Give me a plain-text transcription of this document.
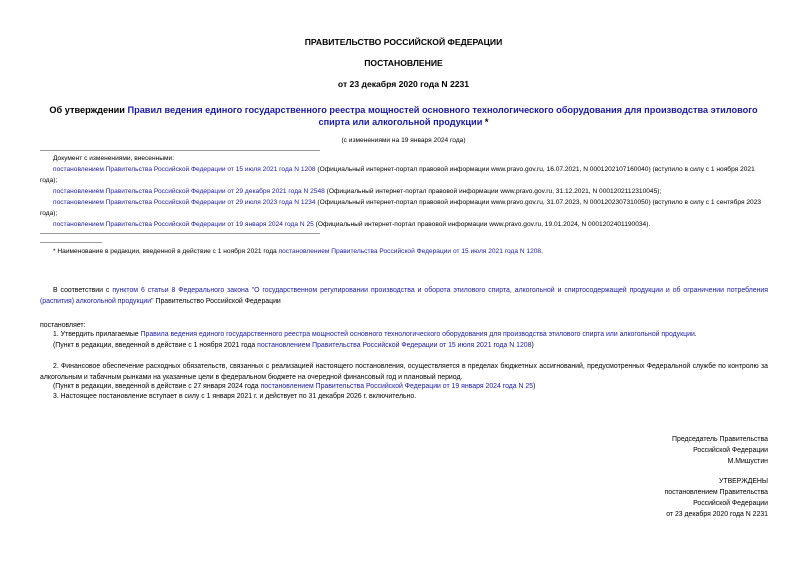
ПРАВИТЕЛЬСТВО РОССИЙСКОЙ ФЕДЕРАЦИИ
ПОСТАНОВЛЕНИЕ
от 23 декабря 2020 года N 2231
Об утверждении Правил ведения единого государственного реестра мощностей основного технологического оборудования для производства этилового спирта или алкогольной продукции *
(с изменениями на 19 января 2024 года)
Документ с изменениями, внесенными:
постановлением Правительства Российской Федерации от 15 июля 2021 года N 1208 (Официальный интернет-портал правовой информации www.pravo.gov.ru, 16.07.2021, N 0001202107160040) (вступило в силу с 1 ноября 2021 года);
постановлением Правительства Российской Федерации от 29 декабря 2021 года N 2548 (Официальный интернет-портал правовой информации www.pravo.gov.ru, 31.12.2021, N 0001202112310045);
постановлением Правительства Российской Федерации от 29 июля 2023 года N 1234 (Официальный интернет-портал правовой информации www.pravo.gov.ru, 31.07.2023, N 0001202307310050) (вступило в силу с 1 сентября 2023 года);
постановлением Правительства Российской Федерации от 19 января 2024 года N 25 (Официальный интернет-портал правовой информации www.pravo.gov.ru, 19.01.2024, N 0001202401190034).
* Наименование в редакции, введенной в действие с 1 ноября 2021 года постановлением Правительства Российской Федерации от 15 июля 2021 года N 1208.
В соответствии с пунктом 6 статьи 8 Федерального закона "О государственном регулировании производства и оборота этилового спирта, алкогольной и спиртосодержащей продукции и об ограничении потребления (распития) алкогольной продукции" Правительство Российской Федерации
постановляет:
1. Утвердить прилагаемые Правила ведения единого государственного реестра мощностей основного технологического оборудования для производства этилового спирта или алкогольной продукции.
(Пункт в редакции, введенной в действие с 1 ноября 2021 года постановлением Правительства Российской Федерации от 15 июля 2021 года N 1208)
2. Финансовое обеспечение расходных обязательств, связанных с реализацией настоящего постановления, осуществляется в пределах бюджетных ассигнований, предусмотренных Федеральной службе по контролю за алкогольным и табачным рынками на указанные цели в федеральном бюджете на очередной финансовый год и плановый период.
(Пункт в редакции, введенной в действие с 27 января 2024 года постановлением Правительства Российской Федерации от 19 января 2024 года N 25)
3. Настоящее постановление вступает в силу с 1 января 2021 г. и действует по 31 декабря 2026 г. включительно.
Председатель Правительства
Российской Федерации
М.Мишустин
УТВЕРЖДЕНЫ
постановлением Правительства
Российской Федерации
от 23 декабря 2020 года N 2231
